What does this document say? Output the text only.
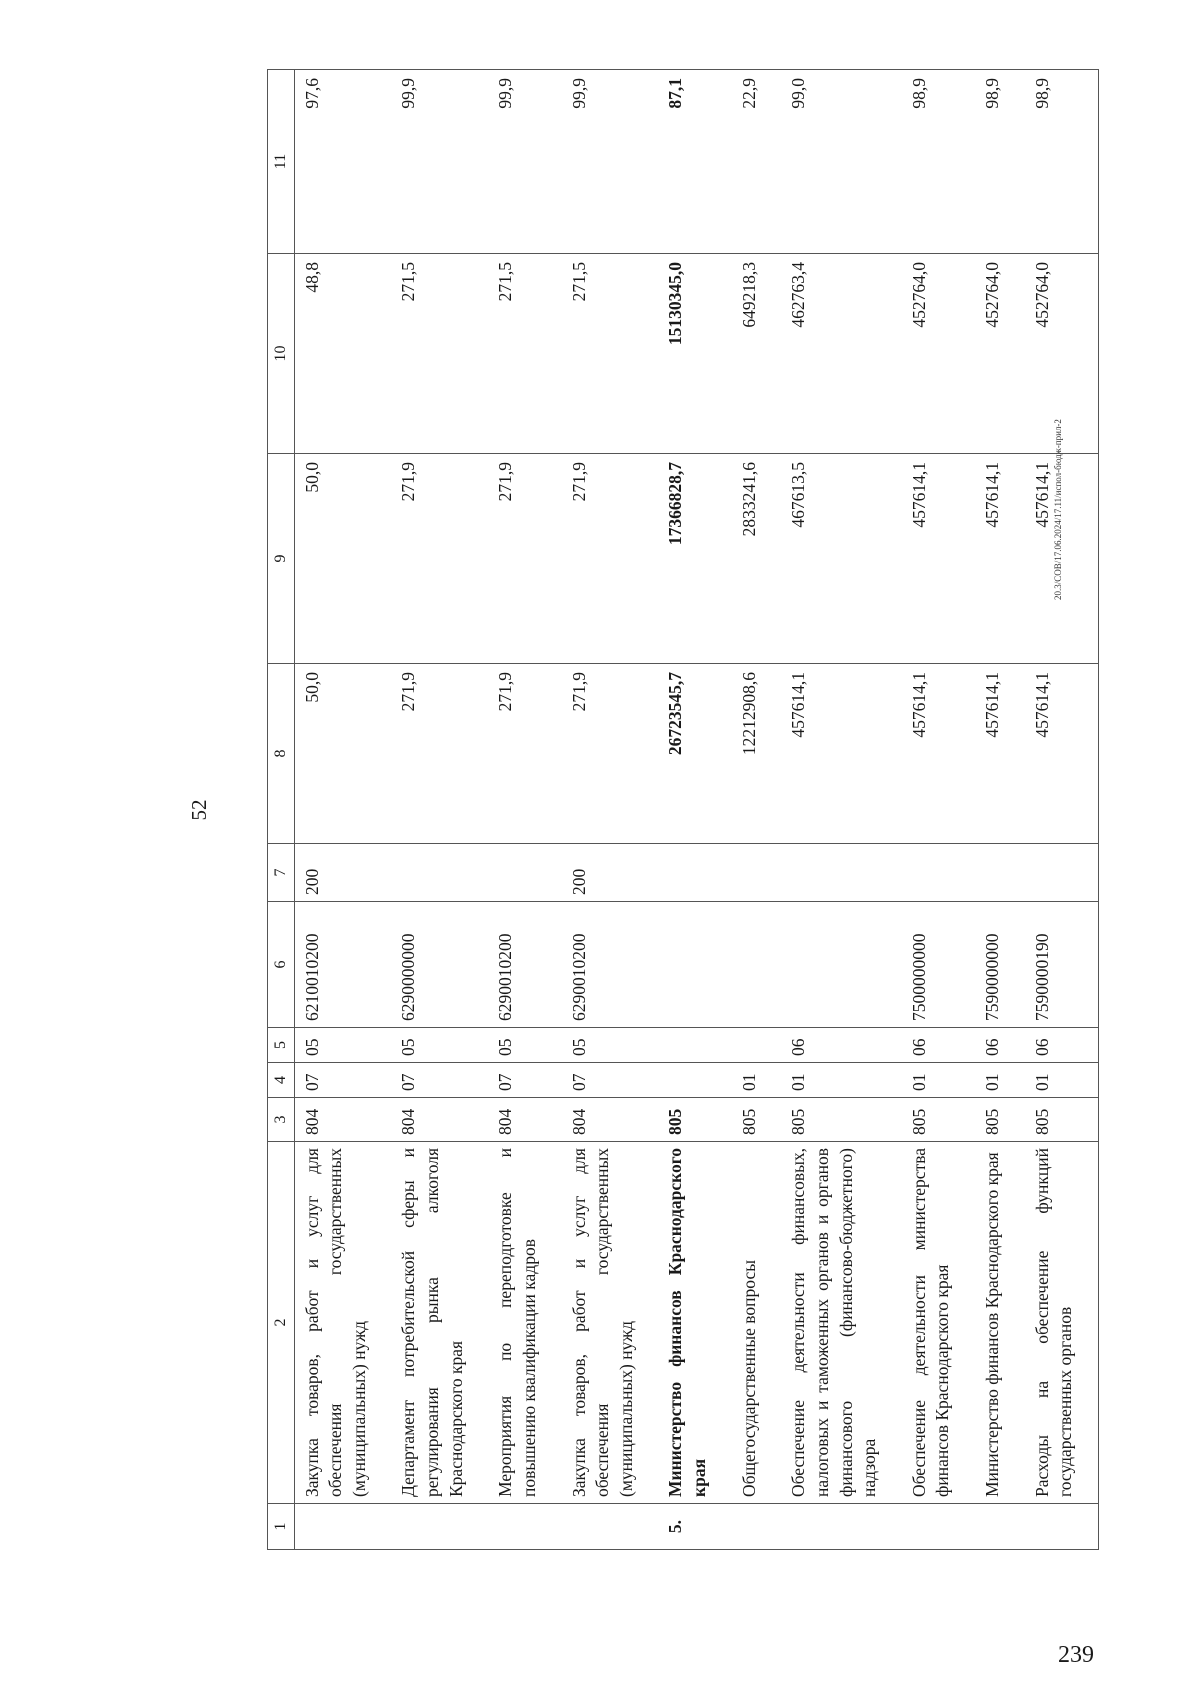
52
1	2	3	4	5	6	7	8	9	10	11
	Закупка товаров, работ и услуг для обеспечения государственных (муниципальных) нужд	804	07	05	6210010200	200	50,0	50,0	48,8	97,6
	Департамент потребительской сферы и регулирования рынка алкоголя Краснодарского края	804	07	05	6290000000		271,9	271,9	271,5	99,9
	Мероприятия по переподготовке и повышению квалификации кадров	804	07	05	6290010200		271,9	271,9	271,5	99,9
	Закупка товаров, работ и услуг для обеспечения государственных (муниципальных) нужд	804	07	05	6290010200	200	271,9	271,9	271,5	99,9
5.	Министерство финансов Краснодарского края	805					26723545,7	17366828,7	15130345,0	87,1
	Общегосударственные вопросы	805	01				12212908,6	2833241,6	649218,3	22,9
	Обеспечение деятельности финансовых, налоговых и таможенных органов и органов финансового (финансово-бюджетного) надзора	805	01	06			457614,1	467613,5	462763,4	99,0
	Обеспечение деятельности министерства финансов Краснодарского края	805	01	06	7500000000		457614,1	457614,1	452764,0	98,9
	Министерство финансов Краснодарского края	805	01	06	7590000000		457614,1	457614,1	452764,0	98,9
	Расходы на обеспечение функций государственных органов	805	01	06	7590000190		457614,1	457614,1	452764,0	98,9
20.3/СОВ/17.06.2024/17.11/испол-бюдж-прил-2
239
